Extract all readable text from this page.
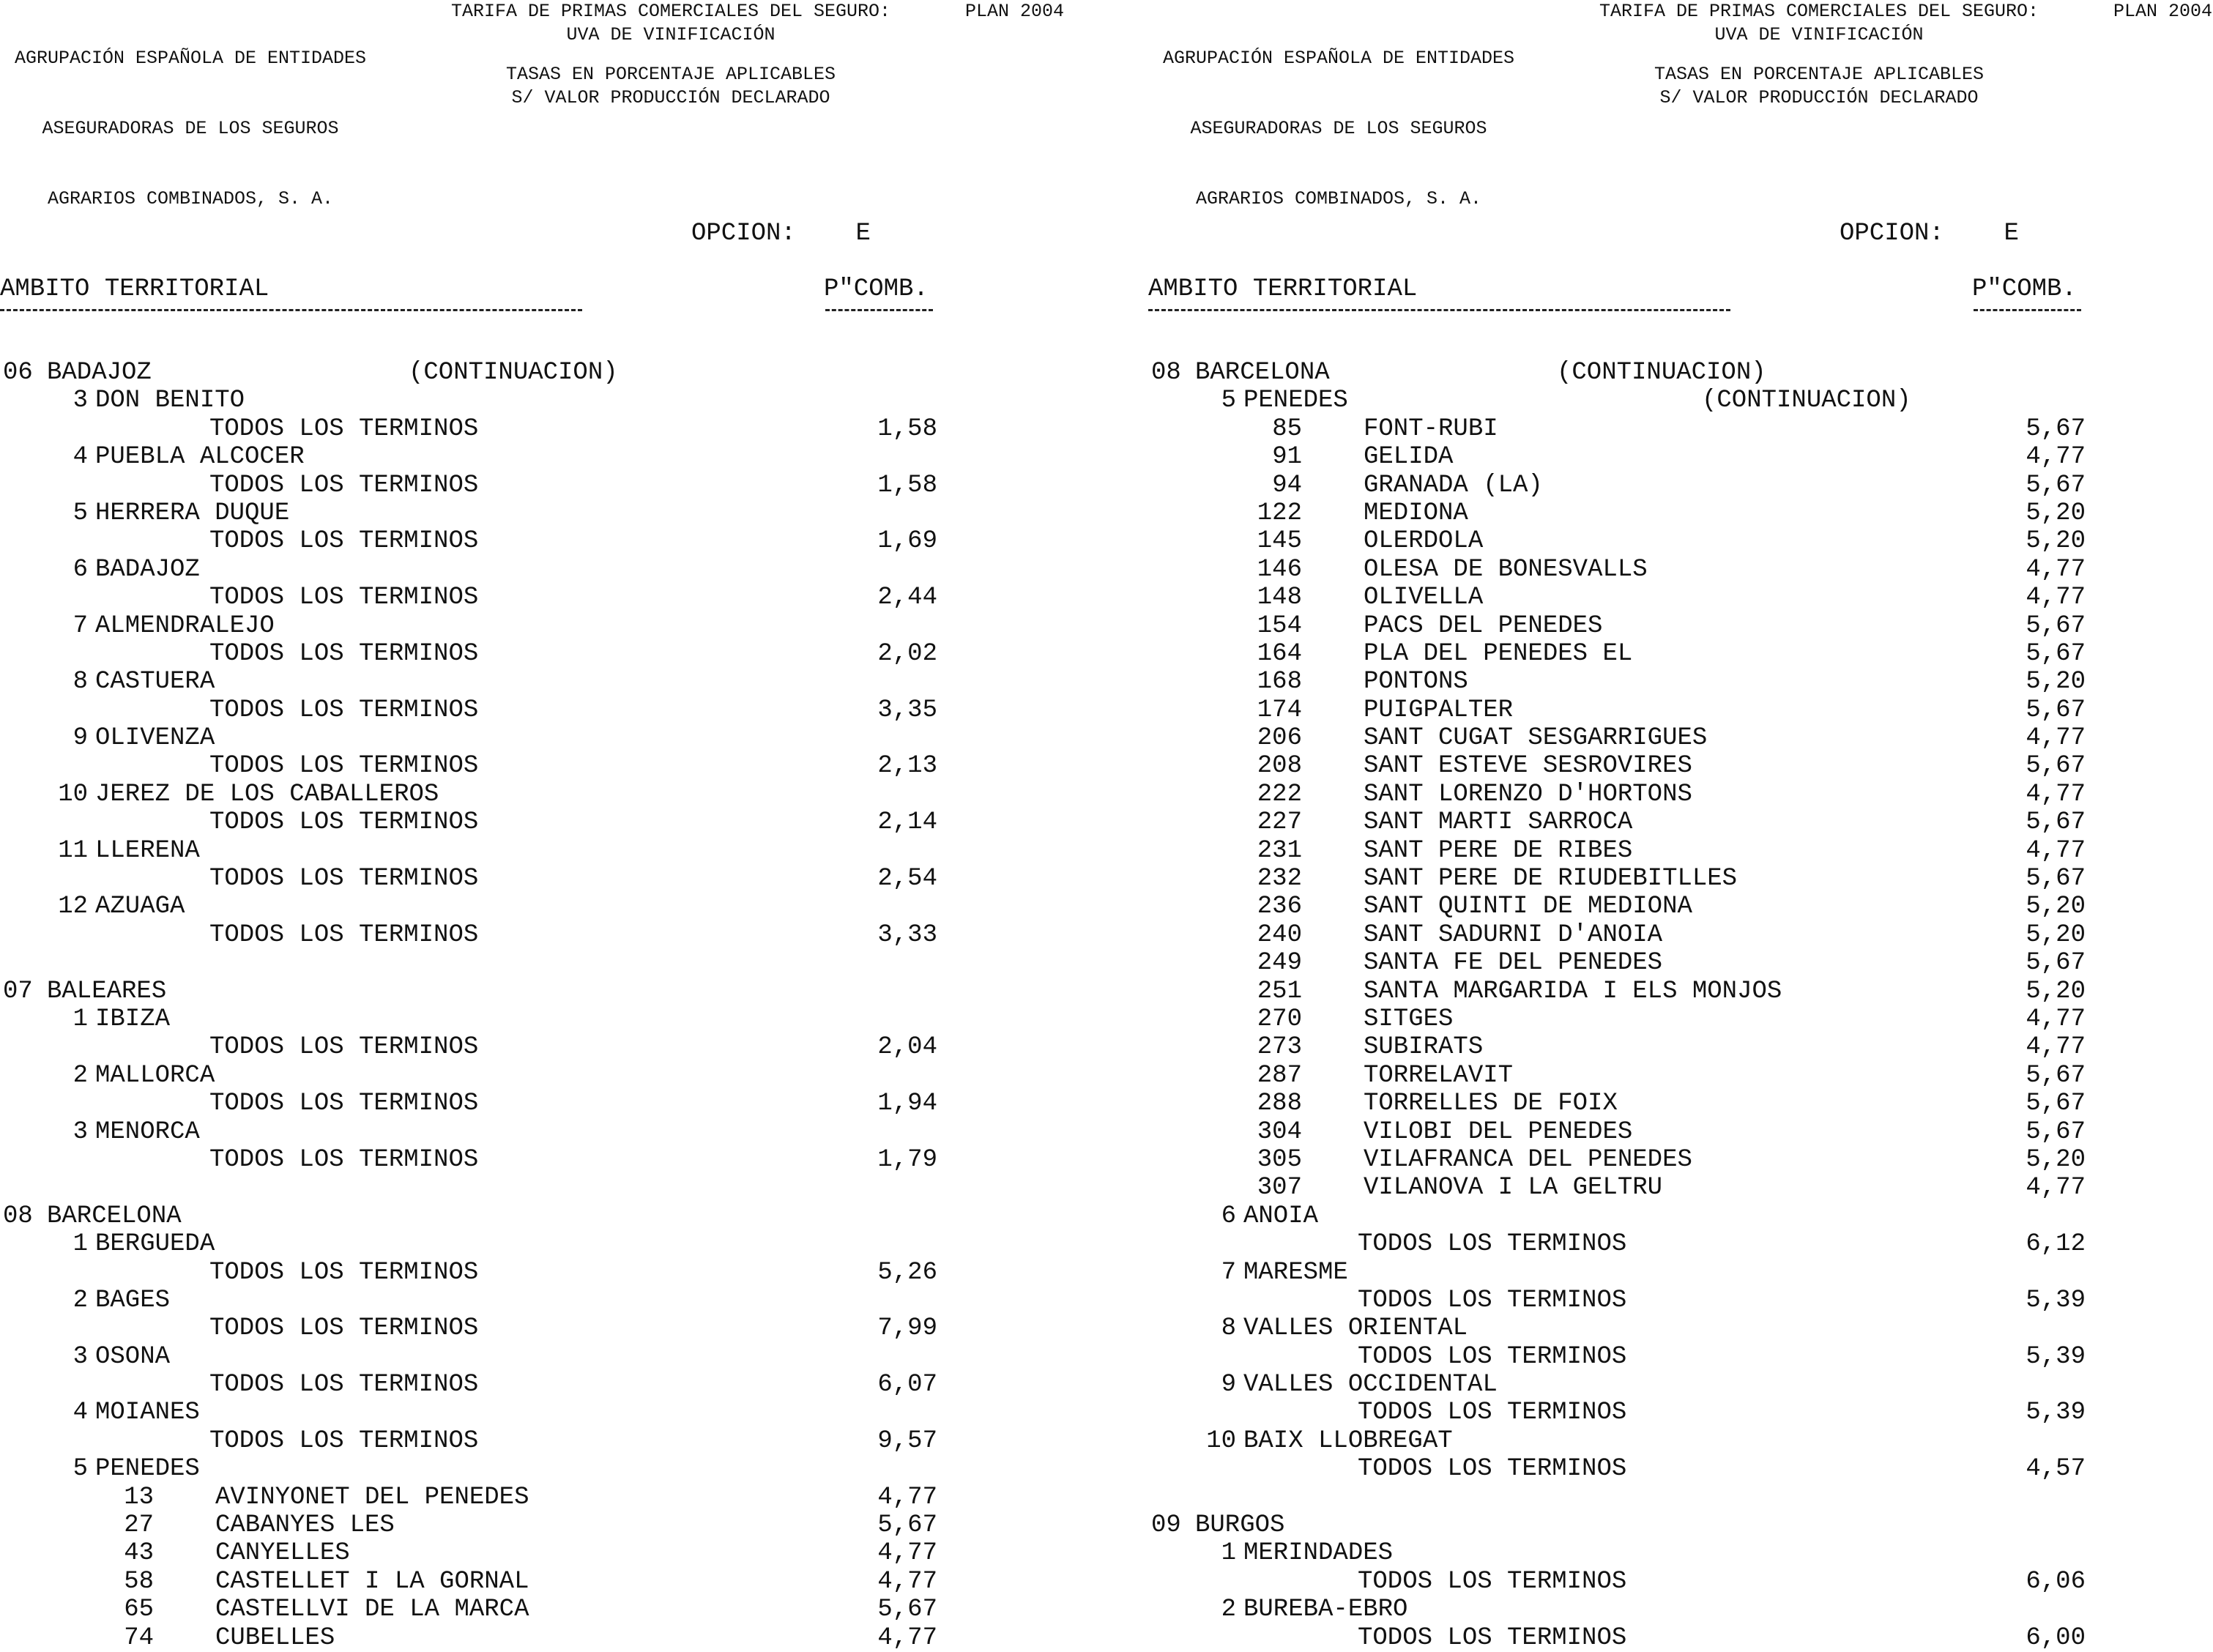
AGRUPACIÓN ESPAÑOLA DE ENTIDADES

ASEGURADORAS DE LOS SEGUROS

AGRARIOS COMBINADOS, S. A.

TARIFA DE PRIMAS COMERCIALES DEL SEGURO:
UVA DE VINIFICACIÓN
PLAN 2004
TASAS EN PORCENTAJE APLICABLES
S/ VALOR PRODUCCIÓN DECLARADO
OPCION: E
AMBITO TERRITORIAL	P"COMB.
06 BADAJOZ	(CONTINUACION)
3 DON BENITO
TODOS LOS TERMINOS	1,58
4 PUEBLA ALCOCER
TODOS LOS TERMINOS	1,58
5 HERRERA DUQUE
TODOS LOS TERMINOS	1,69
6 BADAJOZ
TODOS LOS TERMINOS	2,44
7 ALMENDRALEJO
TODOS LOS TERMINOS	2,02
8 CASTUERA
TODOS LOS TERMINOS	3,35
9 OLIVENZA
TODOS LOS TERMINOS	2,13
10 JEREZ DE LOS CABALLEROS
TODOS LOS TERMINOS	2,14
11 LLERENA
TODOS LOS TERMINOS	2,54
12 AZUAGA
TODOS LOS TERMINOS	3,33
07 BALEARES
1 IBIZA
TODOS LOS TERMINOS	2,04
2 MALLORCA
TODOS LOS TERMINOS	1,94
3 MENORCA
TODOS LOS TERMINOS	1,79
08 BARCELONA
1 BERGUEDA
TODOS LOS TERMINOS	5,26
2 BAGES
TODOS LOS TERMINOS	7,99
3 OSONA
TODOS LOS TERMINOS	6,07
4 MOIANES
TODOS LOS TERMINOS	9,57
5 PENEDES
13 AVINYONET DEL PENEDES	4,77
27 CABANYES LES	5,67
43 CANYELLES	4,77
58 CASTELLET I LA GORNAL	4,77
65 CASTELLVI DE LA MARCA	5,67
74 CUBELLES	4,77

AGRUPACIÓN ESPAÑOLA DE ENTIDADES

ASEGURADORAS DE LOS SEGUROS

AGRARIOS COMBINADOS, S. A.

TARIFA DE PRIMAS COMERCIALES DEL SEGURO:
UVA DE VINIFICACIÓN
PLAN 2004
TASAS EN PORCENTAJE APLICABLES
S/ VALOR PRODUCCIÓN DECLARADO
OPCION: E
AMBITO TERRITORIAL	P"COMB.
08 BARCELONA	(CONTINUACION)
5 PENEDES	(CONTINUACION)
85 FONT-RUBI	5,67
91 GELIDA	4,77
94 GRANADA (LA)	5,67
122 MEDIONA	5,20
145 OLERDOLA	5,20
146 OLESA DE BONESVALLS	4,77
148 OLIVELLA	4,77
154 PACS DEL PENEDES	5,67
164 PLA DEL PENEDES EL	5,67
168 PONTONS	5,20
174 PUIGPALTER	5,67
206 SANT CUGAT SESGARRIGUES	4,77
208 SANT ESTEVE SESROVIRES	5,67
222 SANT LORENZO D'HORTONS	4,77
227 SANT MARTI SARROCA	5,67
231 SANT PERE DE RIBES	4,77
232 SANT PERE DE RIUDEBITLLES	5,67
236 SANT QUINTI DE MEDIONA	5,20
240 SANT SADURNI D'ANOIA	5,20
249 SANTA FE DEL PENEDES	5,67
251 SANTA MARGARIDA I ELS MONJOS	5,20
270 SITGES	4,77
273 SUBIRATS	4,77
287 TORRELAVIT	5,67
288 TORRELLES DE FOIX	5,67
304 VILOBI DEL PENEDES	5,67
305 VILAFRANCA DEL PENEDES	5,20
307 VILANOVA I LA GELTRU	4,77
6 ANOIA
TODOS LOS TERMINOS	6,12
7 MARESME
TODOS LOS TERMINOS	5,39
8 VALLES ORIENTAL
TODOS LOS TERMINOS	5,39
9 VALLES OCCIDENTAL
TODOS LOS TERMINOS	5,39
10 BAIX LLOBREGAT
TODOS LOS TERMINOS	4,57
09 BURGOS
1 MERINDADES
TODOS LOS TERMINOS	6,06
2 BUREBA-EBRO
TODOS LOS TERMINOS	6,00
